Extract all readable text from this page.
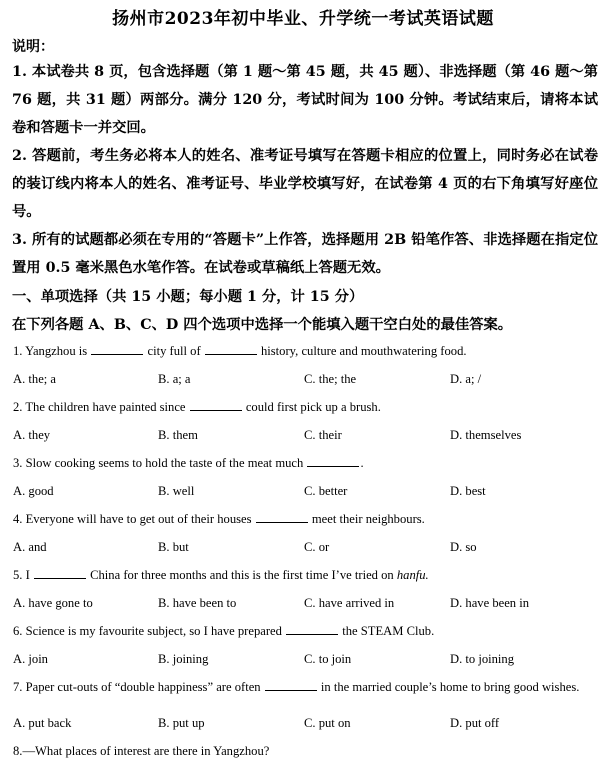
扬州市2023年初中毕业、升学统一考试英语试题
说明：
1. 本试卷共 8 页，包含选择题（第 1 题～第 45 题，共 45 题）、非选择题（第 46 题～第 76 题，共 31 题）两部分。满分 120 分，考试时间为 100 分钟。考试结束后，请将本试卷和答题卡一并交回。
2. 答题前，考生务必将本人的姓名、准考证号填写在答题卡相应的位置上，同时务必在试卷的装订线内将本人的姓名、准考证号、毕业学校填写好，在试卷第 4 页的右下角填写好座位号。
3. 所有的试题都必须在专用的“答题卡”上作答，选择题用 2B 铅笔作答、非选择题在指定位置用 0.5 毫米黑色水笔作答。在试卷或草稿纸上答题无效。
一、单项选择（共 15 小题；每小题 1 分，计 15 分）
在下列各题 A、B、C、D 四个选项中选择一个能填入题干空白处的最佳答案。
1. Yangzhou is	city full of	history, culture and mouthwatering food.
A. the; a	B. a; a	C. the; the	D. a; /
2. The children have painted since	could first pick up a brush.
A. they	B. them	C. their	D. themselves
3. Slow cooking seems to hold the taste of the meat much	.
A. good	B. well	C. better	D. best
4. Everyone will have to get out of their houses	meet their neighbours.
A. and	B. but	C. or	D. so
5. I	China for three months and this is the first time I’ve tried on hanfu.
A. have gone to	B. have been to	C. have arrived in	D. have been in
6. Science is my favourite subject, so I have prepared	the STEAM Club.
A. join	B. joining	C. to join	D. to joining
7. Paper cut-outs of “double happiness” are often	in the married couple’s home to bring good wishes.
A. put back	B. put up	C. put on	D. put off
8.—What places of interest are there in Yangzhou?
